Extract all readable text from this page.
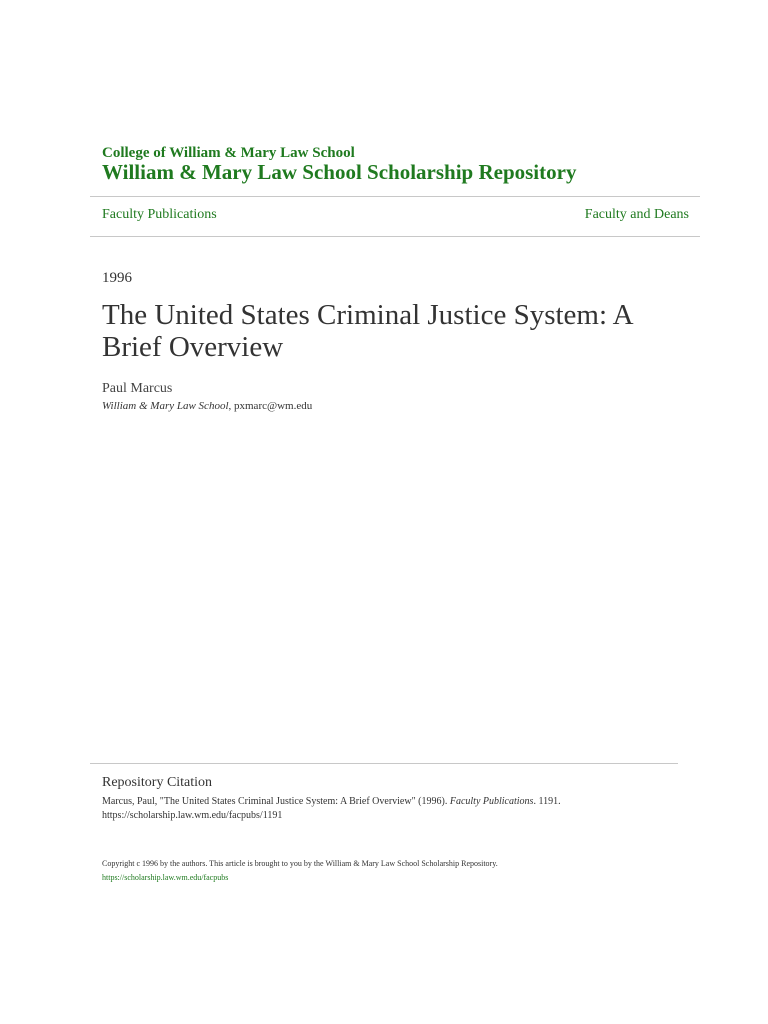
College of William & Mary Law School
William & Mary Law School Scholarship Repository
Faculty Publications	Faculty and Deans
1996
The United States Criminal Justice System: A Brief Overview
Paul Marcus
William & Mary Law School, pxmarc@wm.edu
Repository Citation
Marcus, Paul, "The United States Criminal Justice System: A Brief Overview" (1996). Faculty Publications. 1191.
https://scholarship.law.wm.edu/facpubs/1191
Copyright c 1996 by the authors. This article is brought to you by the William & Mary Law School Scholarship Repository.
https://scholarship.law.wm.edu/facpubs
